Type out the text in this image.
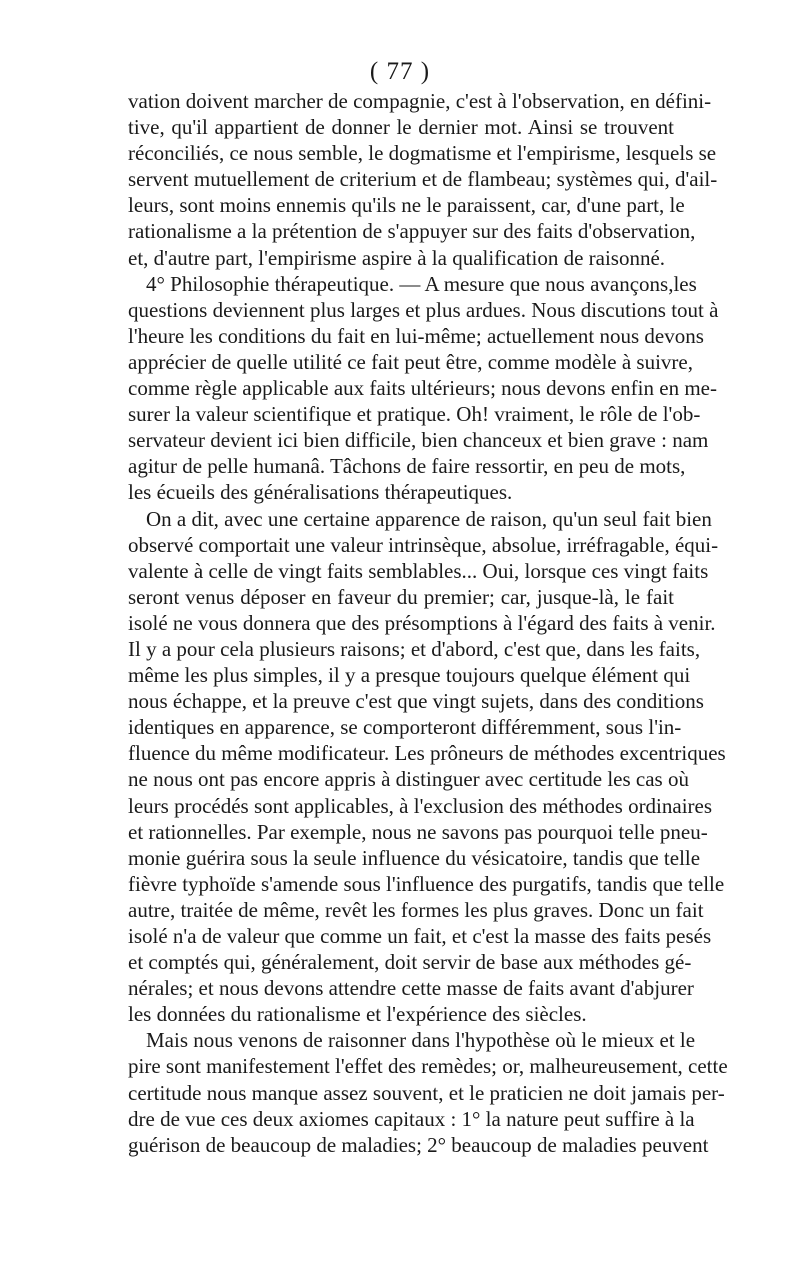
( 77 )
vation doivent marcher de compagnie, c'est à l'observation, en défini-
tive, qu'il appartient de donner le dernier mot. Ainsi se trouvent
réconciliés, ce nous semble, le dogmatisme et l'empirisme, lesquels se
servent mutuellement de criterium et de flambeau; systèmes qui, d'ail-
leurs, sont moins ennemis qu'ils ne le paraissent, car, d'une part, le
rationalisme a la prétention de s'appuyer sur des faits d'observation,
et, d'autre part, l'empirisme aspire à la qualification de raisonné.
4° Philosophie thérapeutique. — A mesure que nous avançons,les
questions deviennent plus larges et plus ardues. Nous discutions tout à
l'heure les conditions du fait en lui-même; actuellement nous devons
apprécier de quelle utilité ce fait peut être, comme modèle à suivre,
comme règle applicable aux faits ultérieurs; nous devons enfin en me-
surer la valeur scientifique et pratique. Oh! vraiment, le rôle de l'ob-
servateur devient ici bien difficile, bien chanceux et bien grave : nam
agitur de pelle humanâ. Tâchons de faire ressortir, en peu de mots,
les écueils des généralisations thérapeutiques.
On a dit, avec une certaine apparence de raison, qu'un seul fait bien
observé comportait une valeur intrinsèque, absolue, irréfragable, équi-
valente à celle de vingt faits semblables... Oui, lorsque ces vingt faits
seront venus déposer en faveur du premier; car, jusque-là, le fait
isolé ne vous donnera que des présomptions à l'égard des faits à venir.
Il y a pour cela plusieurs raisons; et d'abord, c'est que, dans les faits,
même les plus simples, il y a presque toujours quelque élément qui
nous échappe, et la preuve c'est que vingt sujets, dans des conditions
identiques en apparence, se comporteront différemment, sous l'in-
fluence du même modificateur. Les prôneurs de méthodes excentriques
ne nous ont pas encore appris à distinguer avec certitude les cas où
leurs procédés sont applicables, à l'exclusion des méthodes ordinaires
et rationnelles. Par exemple, nous ne savons pas pourquoi telle pneu-
monie guérira sous la seule influence du vésicatoire, tandis que telle
fièvre typhoïde s'amende sous l'influence des purgatifs, tandis que telle
autre, traitée de même, revêt les formes les plus graves. Donc un fait
isolé n'a de valeur que comme un fait, et c'est la masse des faits pesés
et comptés qui, généralement, doit servir de base aux méthodes gé-
nérales; et nous devons attendre cette masse de faits avant d'abjurer
les données du rationalisme et l'expérience des siècles.
Mais nous venons de raisonner dans l'hypothèse où le mieux et le
pire sont manifestement l'effet des remèdes; or, malheureusement, cette
certitude nous manque assez souvent, et le praticien ne doit jamais per-
dre de vue ces deux axiomes capitaux : 1° la nature peut suffire à la
guérison de beaucoup de maladies; 2° beaucoup de maladies peuvent
